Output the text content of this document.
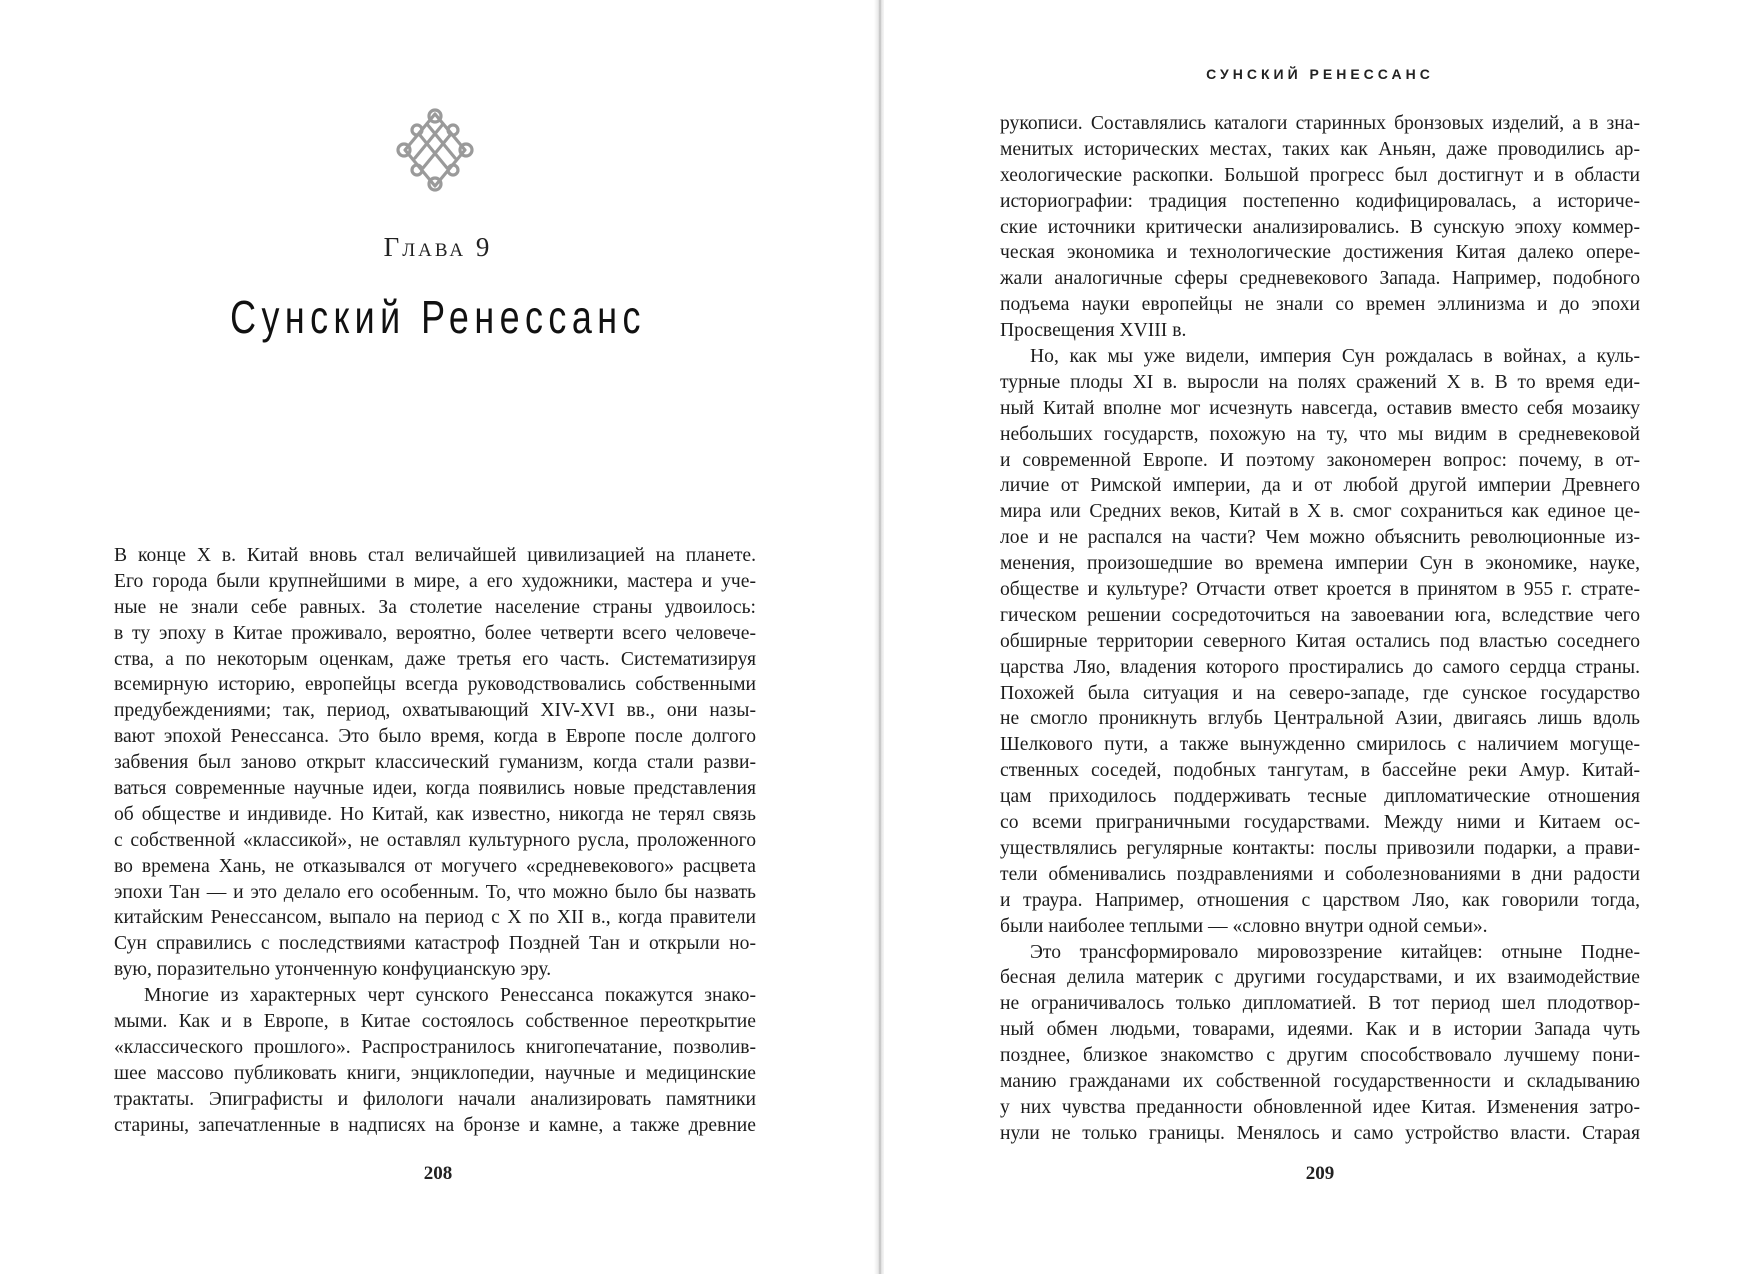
Глава 9
Сунский Ренессанс
В конце X в. Китай вновь стал величайшей цивилизацией на планете.
Его города были крупнейшими в мире, а его художники, мастера и уче-
ные не знали себе равных. За столетие население страны удвоилось:
в ту эпоху в Китае проживало, вероятно, более четверти всего человече-
ства, а по некоторым оценкам, даже третья его часть. Систематизируя
всемирную историю, европейцы всегда руководствовались собственными
предубеждениями; так, период, охватывающий XIV-XVI вв., они назы-
вают эпохой Ренессанса. Это было время, когда в Европе после долгого
забвения был заново открыт классический гуманизм, когда стали разви-
ваться современные научные идеи, когда появились новые представления
об обществе и индивиде. Но Китай, как известно, никогда не терял связь
с собственной «классикой», не оставлял культурного русла, проложенного
во времена Хань, не отказывался от могучего «средневекового» расцвета
эпохи Тан — и это делало его особенным. То, что можно было бы назвать
китайским Ренессансом, выпало на период с X по XII в., когда правители
Сун справились с последствиями катастроф Поздней Тан и открыли но-
вую, поразительно утонченную конфуцианскую эру.
Многие из характерных черт сунского Ренессанса покажутся знако-
мыми. Как и в Европе, в Китае состоялось собственное переоткрытие
«классического прошлого». Распространилось книгопечатание, позволив-
шее массово публиковать книги, энциклопедии, научные и медицинские
трактаты. Эпиграфисты и филологи начали анализировать памятники
старины, запечатленные в надписях на бронзе и камне, а также древние
208
СУНСКИЙ РЕНЕССАНС
рукописи. Составлялись каталоги старинных бронзовых изделий, а в зна-
менитых исторических местах, таких как Аньян, даже проводились ар-
хеологические раскопки. Большой прогресс был достигнут и в области
историографии: традиция постепенно кодифицировалась, а историче-
ские источники критически анализировались. В сунскую эпоху коммер-
ческая экономика и технологические достижения Китая далеко опере-
жали аналогичные сферы средневекового Запада. Например, подобного
подъема науки европейцы не знали со времен эллинизма и до эпохи
Просвещения XVIII в.
Но, как мы уже видели, империя Сун рождалась в войнах, а куль-
турные плоды XI в. выросли на полях сражений X в. В то время еди-
ный Китай вполне мог исчезнуть навсегда, оставив вместо себя мозаику
небольших государств, похожую на ту, что мы видим в средневековой
и современной Европе. И поэтому закономерен вопрос: почему, в от-
личие от Римской империи, да и от любой другой империи Древнего
мира или Средних веков, Китай в X в. смог сохраниться как единое це-
лое и не распался на части? Чем можно объяснить революционные из-
менения, произошедшие во времена империи Сун в экономике, науке,
обществе и культуре? Отчасти ответ кроется в принятом в 955 г. страте-
гическом решении сосредоточиться на завоевании юга, вследствие чего
обширные территории северного Китая остались под властью соседнего
царства Ляо, владения которого простирались до самого сердца страны.
Похожей была ситуация и на северо-западе, где сунское государство
не смогло проникнуть вглубь Центральной Азии, двигаясь лишь вдоль
Шелкового пути, а также вынужденно смирилось с наличием могуще-
ственных соседей, подобных тангутам, в бассейне реки Амур. Китай-
цам приходилось поддерживать тесные дипломатические отношения
со всеми приграничными государствами. Между ними и Китаем ос-
уществлялись регулярные контакты: послы привозили подарки, а прави-
тели обменивались поздравлениями и соболезнованиями в дни радости
и траура. Например, отношения с царством Ляо, как говорили тогда,
были наиболее теплыми — «словно внутри одной семьи».
Это трансформировало мировоззрение китайцев: отныне Подне-
бесная делила материк с другими государствами, и их взаимодействие
не ограничивалось только дипломатией. В тот период шел плодотвор-
ный обмен людьми, товарами, идеями. Как и в истории Запада чуть
позднее, близкое знакомство с другим способствовало лучшему пони-
манию гражданами их собственной государственности и складыванию
у них чувства преданности обновленной идее Китая. Изменения затро-
нули не только границы. Менялось и само устройство власти. Старая
209
